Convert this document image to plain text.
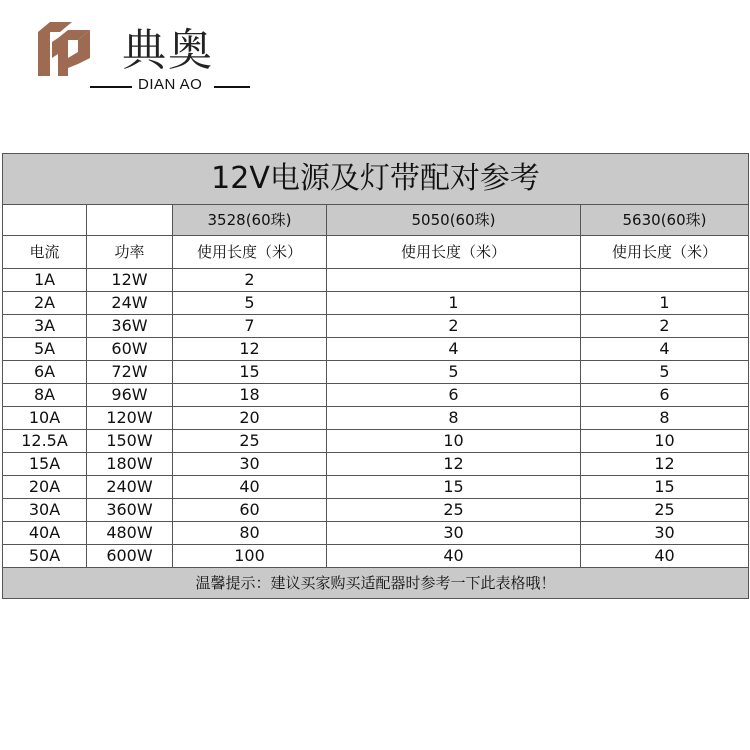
典奥
DIAN AO
12V电源及灯带配对参考				
		3528(60珠)	5050(60珠)	5630(60珠)
电流	功率	使用长度（米）	使用长度（米）	使用长度（米）
1A	12W	2		
2A	24W	5	1	1
3A	36W	7	2	2
5A	60W	12	4	4
6A	72W	15	5	5
8A	96W	18	6	6
10A	120W	20	8	8
12.5A	150W	25	10	10
15A	180W	30	12	12
20A	240W	40	15	15
30A	360W	60	25	25
40A	480W	80	30	30
50A	600W	100	40	40
温馨提示：建议买家购买适配器时参考一下此表格哦！				
